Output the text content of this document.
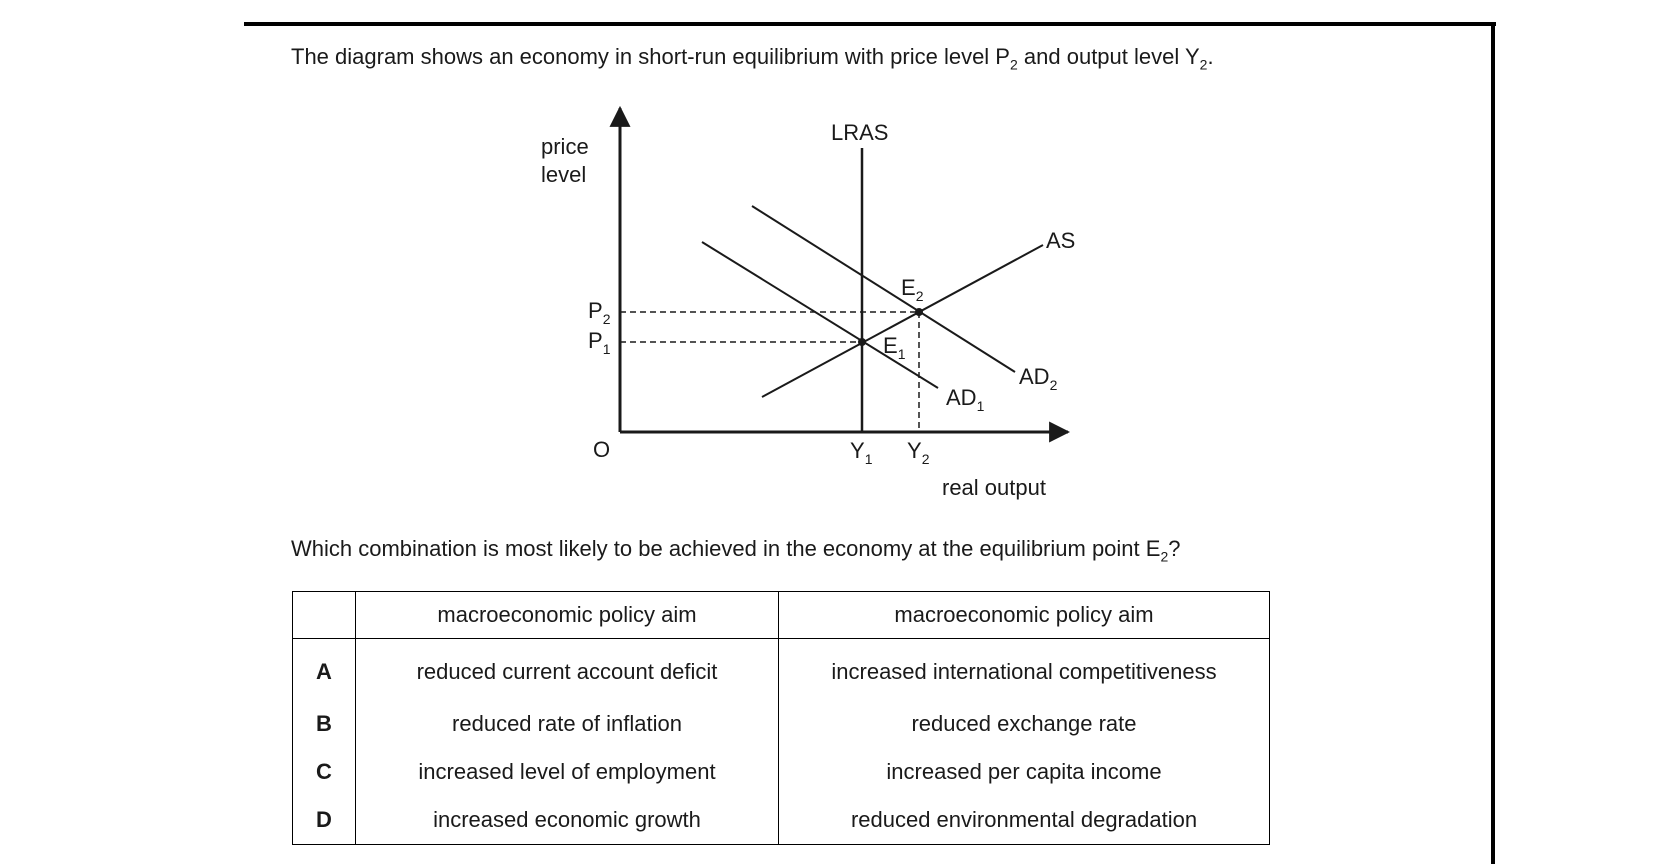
The diagram shows an economy in short-run equilibrium with price level $P_2$ and output level $Y_2$.
price
level
real output
O
LRAS
AS
$AD_1$
$AD_2$
$E_2$
$E_1$
$P_2$
$P_1$
$Y_1$ $Y_2$
Which combination is most likely to be achieved in the economy at the equilibrium point $E_2$?
	macroeconomic policy aim	macroeconomic policy aim
A	reduced current account deficit	increased international competitiveness
B	reduced rate of inflation	reduced exchange rate
C	increased level of employment	increased per capita income
D	increased economic growth	reduced environmental degradation
